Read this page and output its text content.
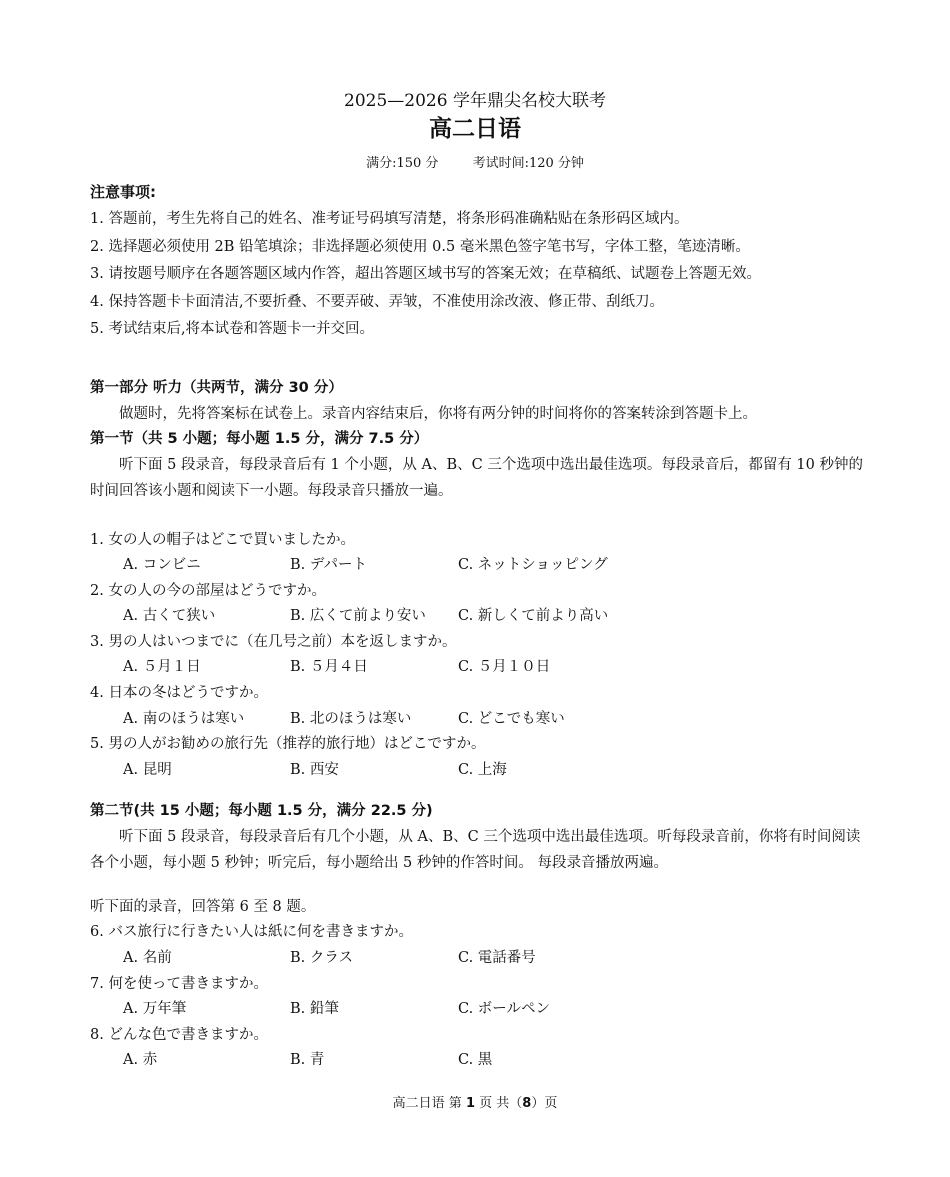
2025—2026 学年鼎尖名校大联考
高二日语
满分:150 分	考试时间:120 分钟
注意事项:
1. 答题前，考生先将自己的姓名、准考证号码填写清楚，将条形码准确粘贴在条形码区域内。
2. 选择题必须使用 2B 铅笔填涂；非选择题必须使用 0.5 毫米黑色签字笔书写，字体工整，笔迹清晰。
3. 请按题号顺序在各题答题区域内作答，超出答题区域书写的答案无效；在草稿纸、试题卷上答题无效。
4. 保持答题卡卡面清洁,不要折叠、不要弄破、弄皱，不准使用涂改液、修正带、刮纸刀。
5. 考试结束后,将本试卷和答题卡一并交回。
第一部分 听力（共两节，满分 30 分）
做题时，先将答案标在试卷上。录音内容结束后，你将有两分钟的时间将你的答案转涂到答题卡上。
第一节（共 5 小题；每小题 1.5 分，满分 7.5 分）
听下面 5 段录音，每段录音后有 1 个小题，从 A、B、C 三个选项中选出最佳选项。每段录音后，都留有 10 秒钟的时间回答该小题和阅读下一小题。每段录音只播放一遍。
1. 女の人の帽子はどこで買いましたか。
A. コンビニ	B. デパート	C. ネットショッピング
2. 女の人の今の部屋はどうですか。
A. 古くて狭い	B. 広くて前より安い C. 新しくて前より高い
3. 男の人はいつまでに（在几号之前）本を返しますか。
A. ５月１日	B. ５月４日	C. ５月１０日
4. 日本の冬はどうですか。
A. 南のほうは寒い	B. 北のほうは寒い	C. どこでも寒い
5. 男の人がお勧めの旅行先（推荐的旅行地）はどこですか。
A. 昆明	B. 西安	C. 上海
第二节(共 15 小题；每小题 1.5 分，满分 22.5 分)
听下面 5 段录音，每段录音后有几个小题，从 A、B、C 三个选项中选出最佳选项。听每段录音前，你将有时间阅读各个小题，每小题 5 秒钟；听完后，每小题给出 5 秒钟的作答时间。 每段录音播放两遍。
听下面的录音，回答第 6 至 8 题。
6. バス旅行に行きたい人は紙に何を書きますか。
A. 名前	B. クラス	C. 電話番号
7. 何を使って書きますか。
A. 万年筆	B. 鉛筆	C. ボールペン
8. どんな色で書きますか。
A. 赤	B. 青	C. 黒
高二日语 第 1 页 共（8）页
